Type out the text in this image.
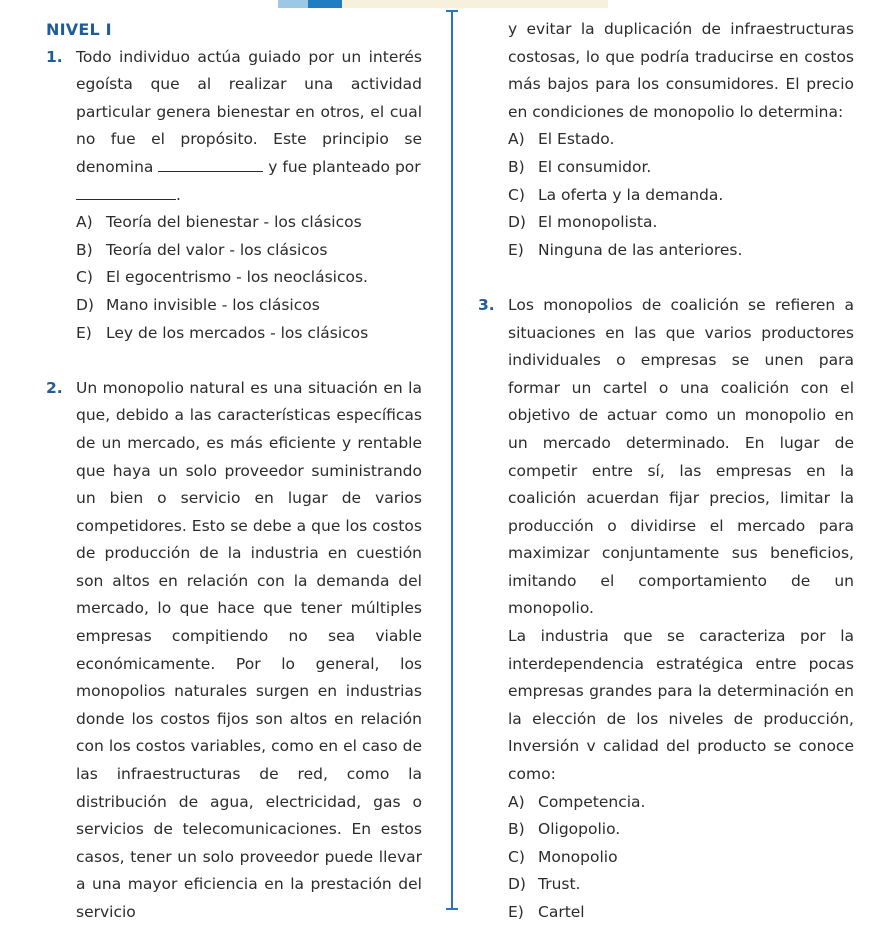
NIVEL I
1. Todo individuo actúa guiado por un interés egoísta que al realizar una actividad particular genera bienestar en otros, el cual no fue el propósito. Este principio se denomina	y fue planteado por
.
A) Teoría del bienestar - los clásicos
B) Teoría del valor - los clásicos
C) El egocentrismo - los neoclásicos.
D) Mano invisible - los clásicos
E) Ley de los mercados - los clásicos
2. Un monopolio natural es una situación en la que, debido a las características específicas de un mercado, es más eficiente y rentable que haya un solo proveedor suministrando un bien o servicio en lugar de varios competidores. Esto se debe a que los costos de producción de la industria en cuestión son altos en relación con la demanda del mercado, lo que hace que tener múltiples empresas compitiendo no sea viable económicamente. Por lo general, los monopolios naturales surgen en industrias donde los costos fijos son altos en relación con los costos variables, como en el caso de las infraestructuras de red, como la distribución de agua, electricidad, gas o servicios de telecomunicaciones. En estos casos, tener un solo proveedor puede llevar a una mayor eficiencia en la prestación del servicio
y evitar la duplicación de infraestructuras costosas, lo que podría traducirse en costos más bajos para los consumidores. El precio en condiciones de monopolio lo determina:
A) El Estado.
B) El consumidor.
C) La oferta y la demanda.
D) El monopolista.
E) Ninguna de las anteriores.
3. Los monopolios de coalición se refieren a situaciones en las que varios productores individuales o empresas se unen para formar un cartel o una coalición con el objetivo de actuar como un monopolio en un mercado determinado. En lugar de competir entre sí, las empresas en la coalición acuerdan fijar precios, limitar la producción o dividirse el mercado para maximizar conjuntamente sus beneficios, imitando el comportamiento de un monopolio.
La industria que se caracteriza por la interdependencia estratégica entre pocas empresas grandes para la determinación en la elección de los niveles de producción, Inversión v calidad del producto se conoce como:
A) Competencia.
B) Oligopolio.
C) Monopolio
D) Trust.
E) Cartel
